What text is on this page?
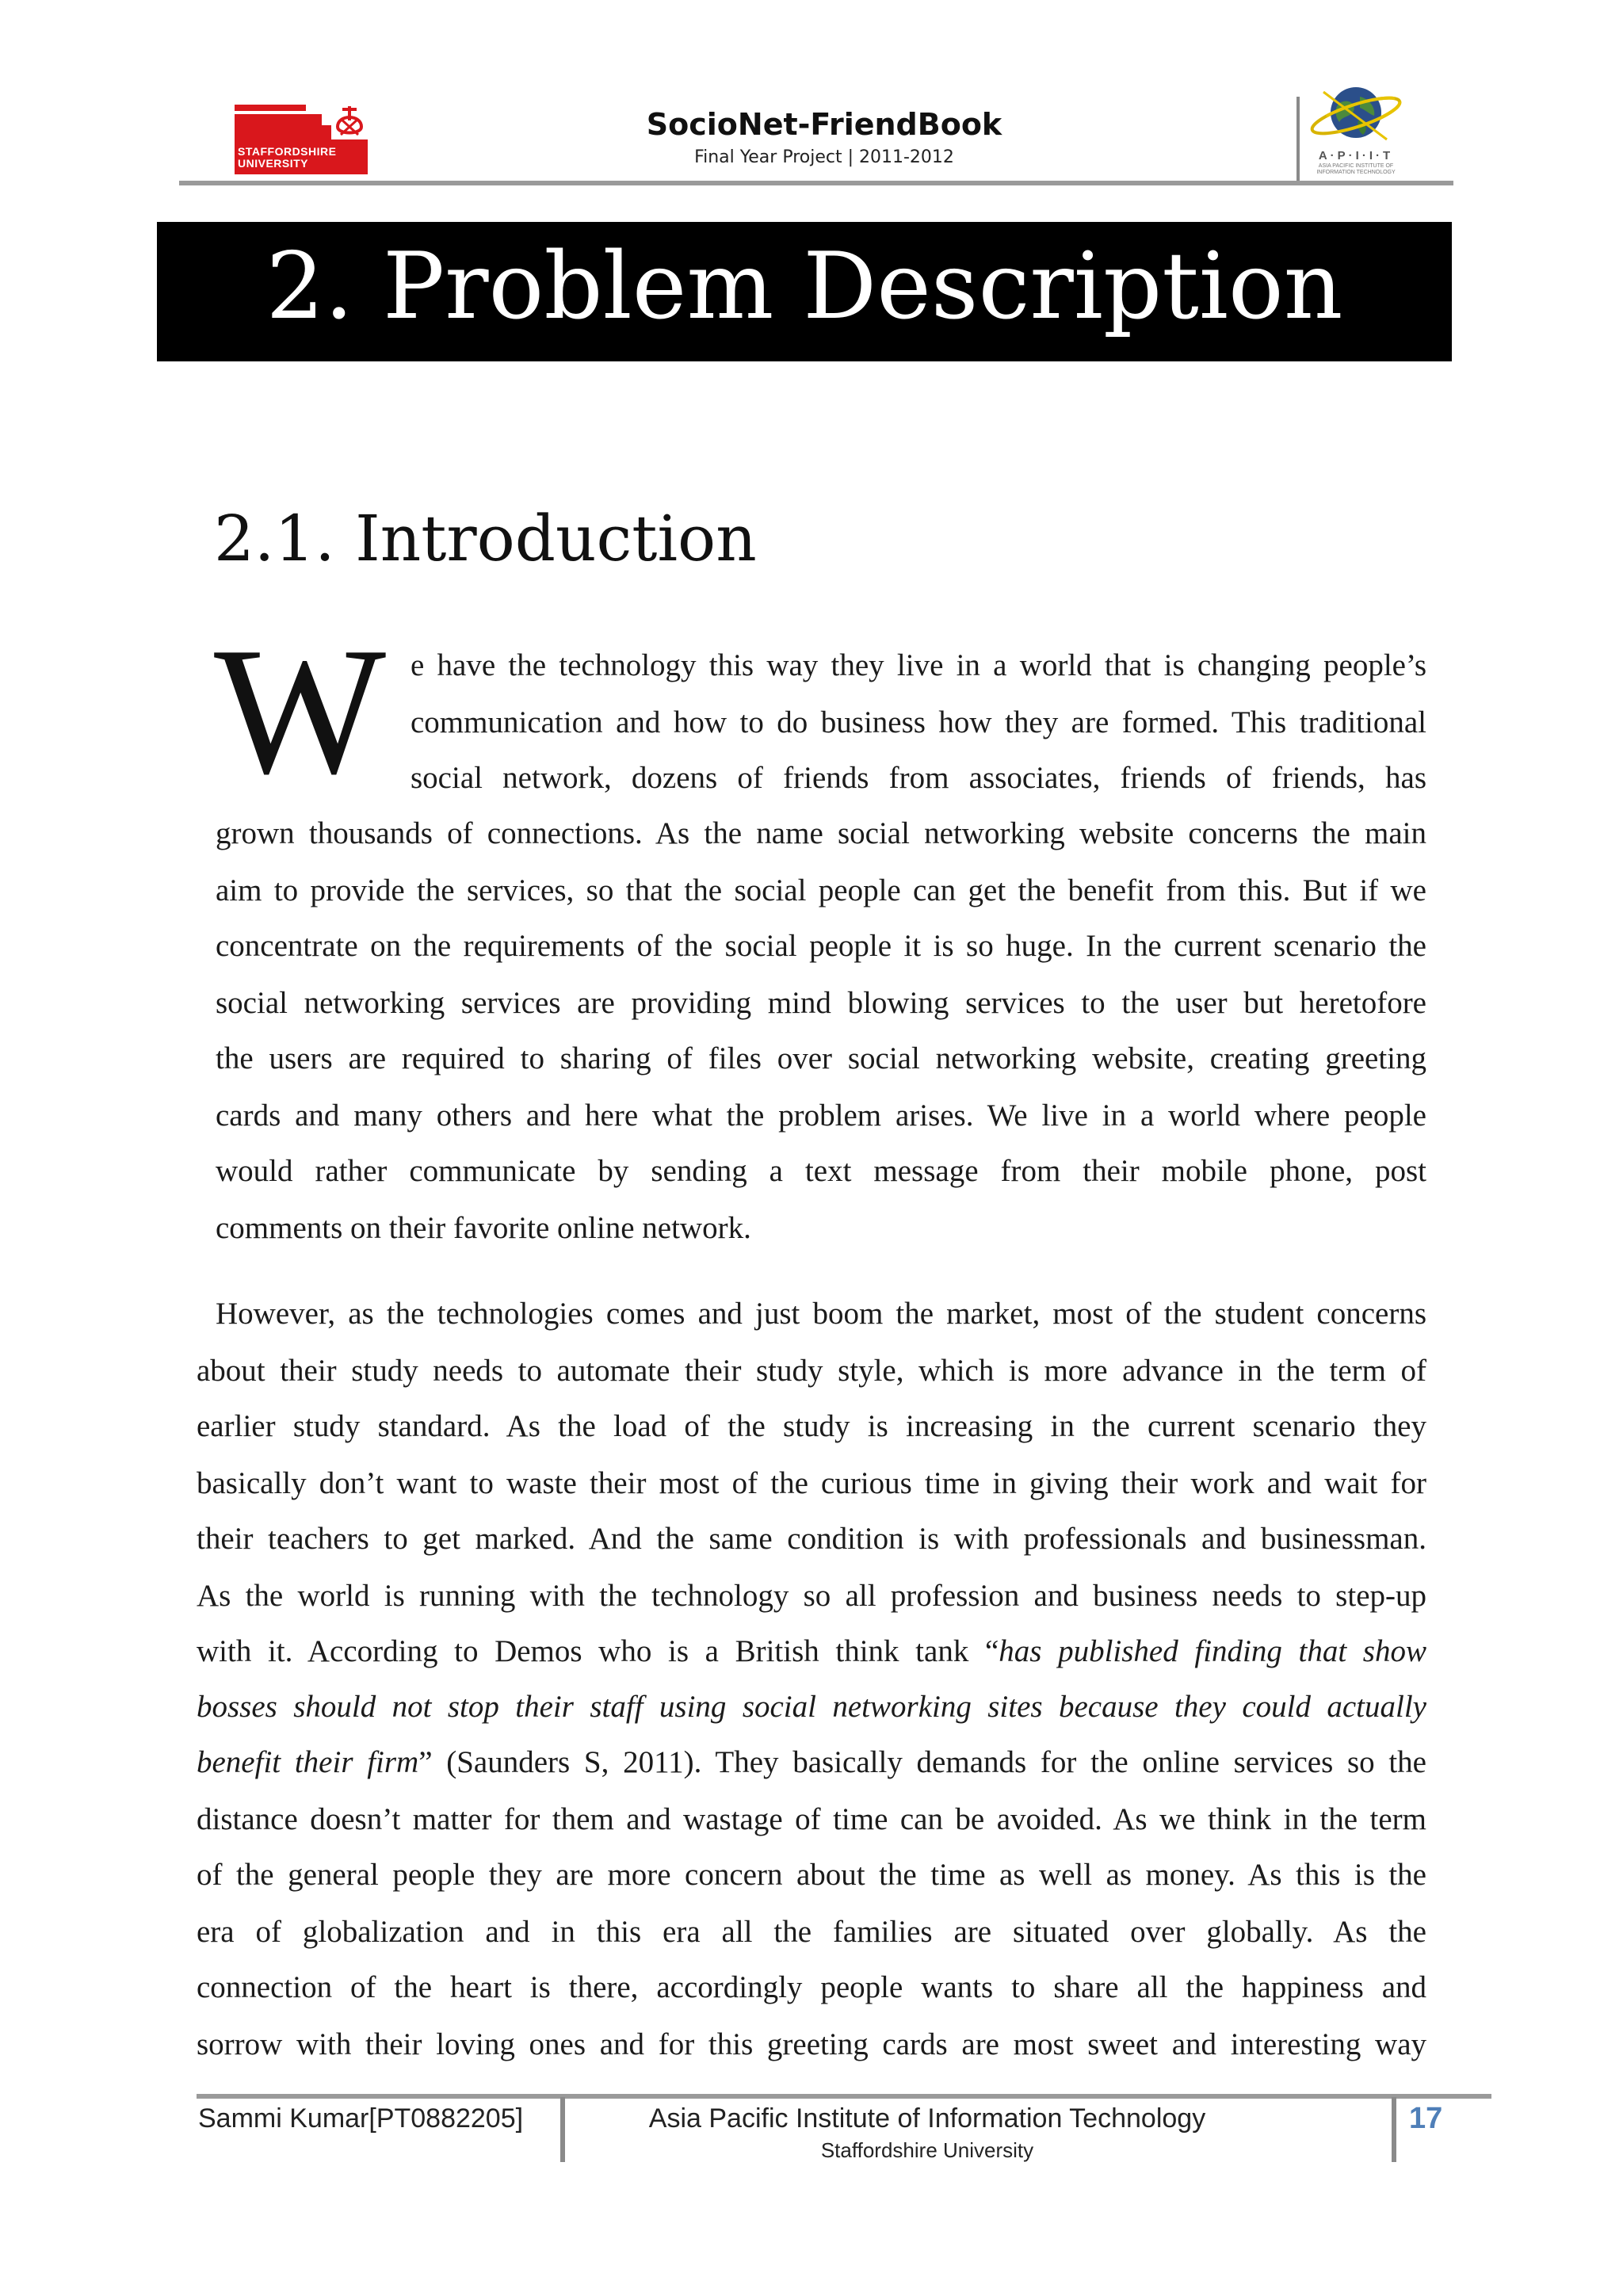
STAFFORDSHIRE UNIVERSITY
SocioNet-FriendBook
Final Year Project | 2011-2012	A·P·I·I·T
ASIA PACIFIC INSTITUTE OF INFORMATION TECHNOLOGY
2. Problem Description
2.1. Introduction
W e have the technology this way they live in a world that is changing people’s
communication and how to do business how they are formed. This traditional
social network, dozens of friends from associates, friends of friends, has
grown thousands of connections. As the name social networking website concerns the main
aim to provide the services, so that the social people can get the benefit from this. But if we
concentrate on the requirements of the social people it is so huge. In the current scenario the
social networking services are providing mind blowing services to the user but heretofore
the users are required to sharing of files over social networking website, creating greeting
cards and many others and here what the problem arises. We live in a world where people
would rather communicate by sending a text message from their mobile phone, post
comments on their favorite online network.
However, as the technologies comes and just boom the market, most of the student concerns
about their study needs to automate their study style, which is more advance in the term of
earlier study standard. As the load of the study is increasing in the current scenario they
basically don’t want to waste their most of the curious time in giving their work and wait for
their teachers to get marked. And the same condition is with professionals and businessman.
As the world is running with the technology so all profession and business needs to step-up
with it. According to Demos who is a British think tank “has published finding that show
bosses should not stop their staff using social networking sites because they could actually
benefit their firm” (Saunders S, 2011). They basically demands for the online services so the
distance doesn’t matter for them and wastage of time can be avoided. As we think in the term
of the general people they are more concern about the time as well as money. As this is the
era of globalization and in this era all the families are situated over globally. As the
connection of the heart is there, accordingly people wants to share all the happiness and
sorrow with their loving ones and for this greeting cards are most sweet and interesting way
Sammi Kumar[PT0882205]	Asia Pacific Institute of Information Technology
Staffordshire University
17
